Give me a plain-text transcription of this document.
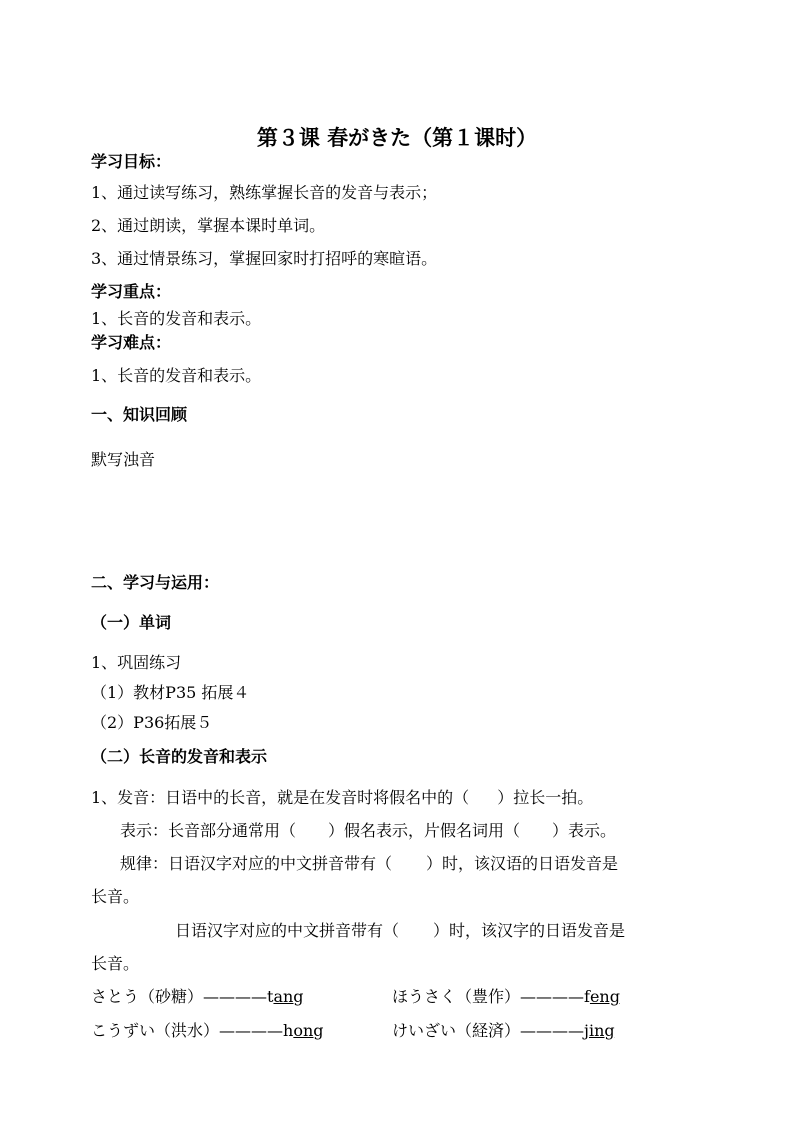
第３课 春がきた（第１课时）
学习目标：
1、通过读写练习，熟练掌握长音的发音与表示；
2、通过朗读，掌握本课时单词。
3、通过情景练习，掌握回家时打招呼的寒暄语。
学习重点：
1、长音的发音和表示。
学习难点：
1、长音的发音和表示。
一、知识回顾
默写浊音
二、学习与运用：
（一）单词
1、巩固练习
（1）教材P35 拓展４
（2）P36拓展５
（二）长音的发音和表示
1、发音：日语中的长音，就是在发音时将假名中的（ ）拉长一拍。
表示：长音部分通常用（ ）假名表示，片假名词用（ ）表示。
规律：日语汉字对应的中文拼音带有（ ）时，该汉语的日语发音是
长音。
日语汉字对应的中文拼音带有（ ）时，该汉字的日语发音是
长音。
さとう（砂糖）————tang	ほうさく（豊作）————feng
こうずい（洪水）————hong	けいざい（経済）————jing
